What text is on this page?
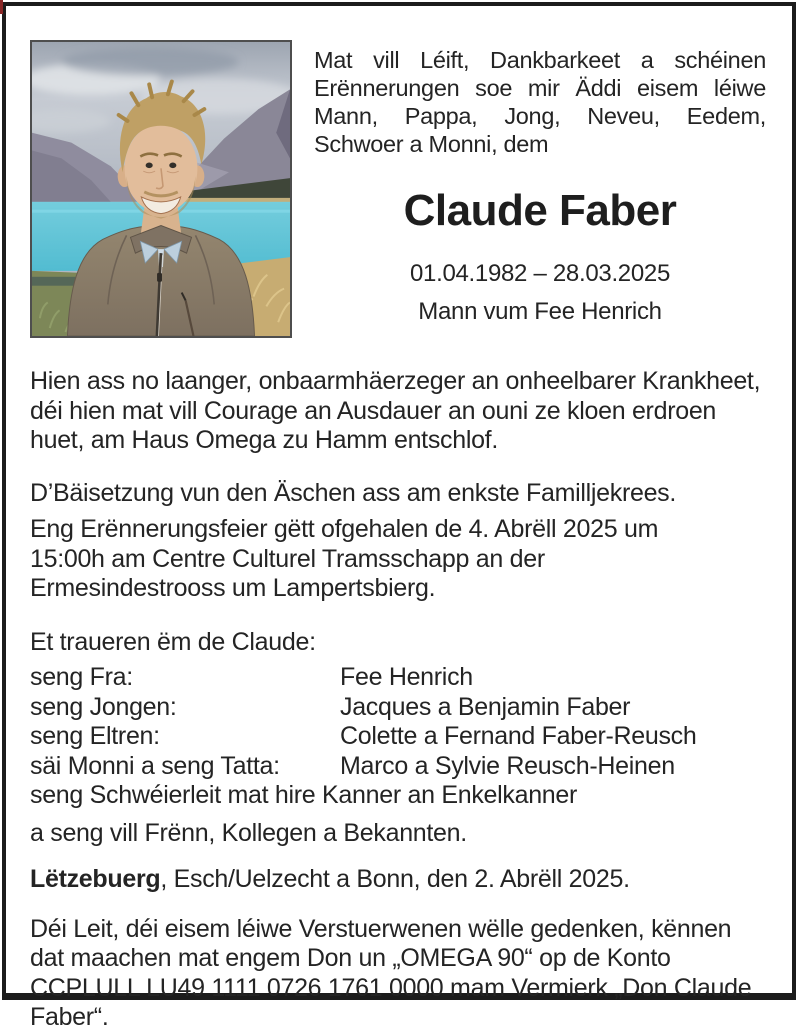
Mat vill Léift, Dankbarkeet a schéinen Erënnerungen soe mir Äddi eisem léiwe Mann, Pappa, Jong, Neveu, Eedem, Schwoer a Monni, dem

Claude Faber

01.04.1982 – 28.03.2025

Mann vum Fee Henrich

Hien ass no laanger, onbaarmhäerzeger an onheelbarer Krankheet, déi hien mat vill Courage an Ausdauer an ouni ze kloen erdroen huet, am Haus Omega zu Hamm entschlof.

D’Bäisetzung vun den Äschen ass am enkste Familljekrees.

Eng Erënnerungsfeier gëtt ofgehalen de 4. Abrëll 2025 um 15:00h am Centre Culturel Tramsschapp an der Ermesindestrooss um Lampertsbierg.

Et traueren ëm de Claude:

seng Fra:	Fee Henrich
seng Jongen:	Jacques a Benjamin Faber
seng Eltren:	Colette a Fernand Faber-Reusch
säi Monni a seng Tatta:	Marco a Sylvie Reusch-Heinen

seng Schwéierleit mat hire Kanner an Enkelkanner

a seng vill Frënn, Kollegen a Bekannten.

Lëtzebuerg, Esch/Uelzecht a Bonn, den 2. Abrëll 2025.

Déi Leit, déi eisem léiwe Verstuerwenen wëlle gedenken, kënnen dat maachen mat engem Don un „OMEGA 90“ op de Konto CCPLULL LU49 1111 0726 1761 0000 mam Vermierk „Don Claude Faber“.
